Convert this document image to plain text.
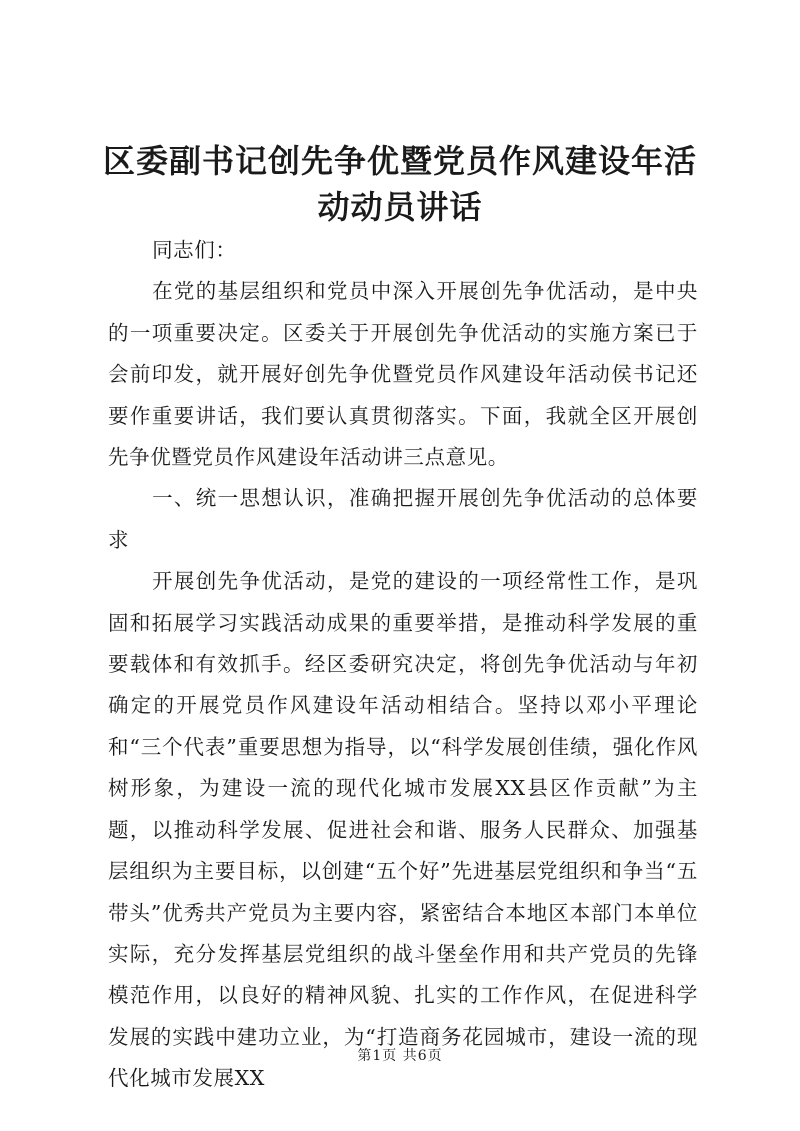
区委副书记创先争优暨党员作风建设年活动动员讲话

同志们：

在党的基层组织和党员中深入开展创先争优活动，是中央的一项重要决定。区委关于开展创先争优活动的实施方案已于会前印发，就开展好创先争优暨党员作风建设年活动侯书记还要作重要讲话，我们要认真贯彻落实。下面，我就全区开展创先争优暨党员作风建设年活动讲三点意见。

一、统一思想认识，准确把握开展创先争优活动的总体要求

开展创先争优活动，是党的建设的一项经常性工作，是巩固和拓展学习实践活动成果的重要举措，是推动科学发展的重要载体和有效抓手。经区委研究决定，将创先争优活动与年初确定的开展党员作风建设年活动相结合。坚持以邓小平理论和“三个代表”重要思想为指导，以“科学发展创佳绩，强化作风树形象，为建设一流的现代化城市发展XX县区作贡献”为主题，以推动科学发展、促进社会和谐、服务人民群众、加强基层组织为主要目标，以创建“五个好”先进基层党组织和争当“五带头”优秀共产党员为主要内容，紧密结合本地区本部门本单位实际，充分发挥基层党组织的战斗堡垒作用和共产党员的先锋模范作用，以良好的精神风貌、扎实的工作作风，在促进科学发展的实践中建功立业，为“打造商务花园城市，建设一流的现代化城市发展XX

第1页 共6页
